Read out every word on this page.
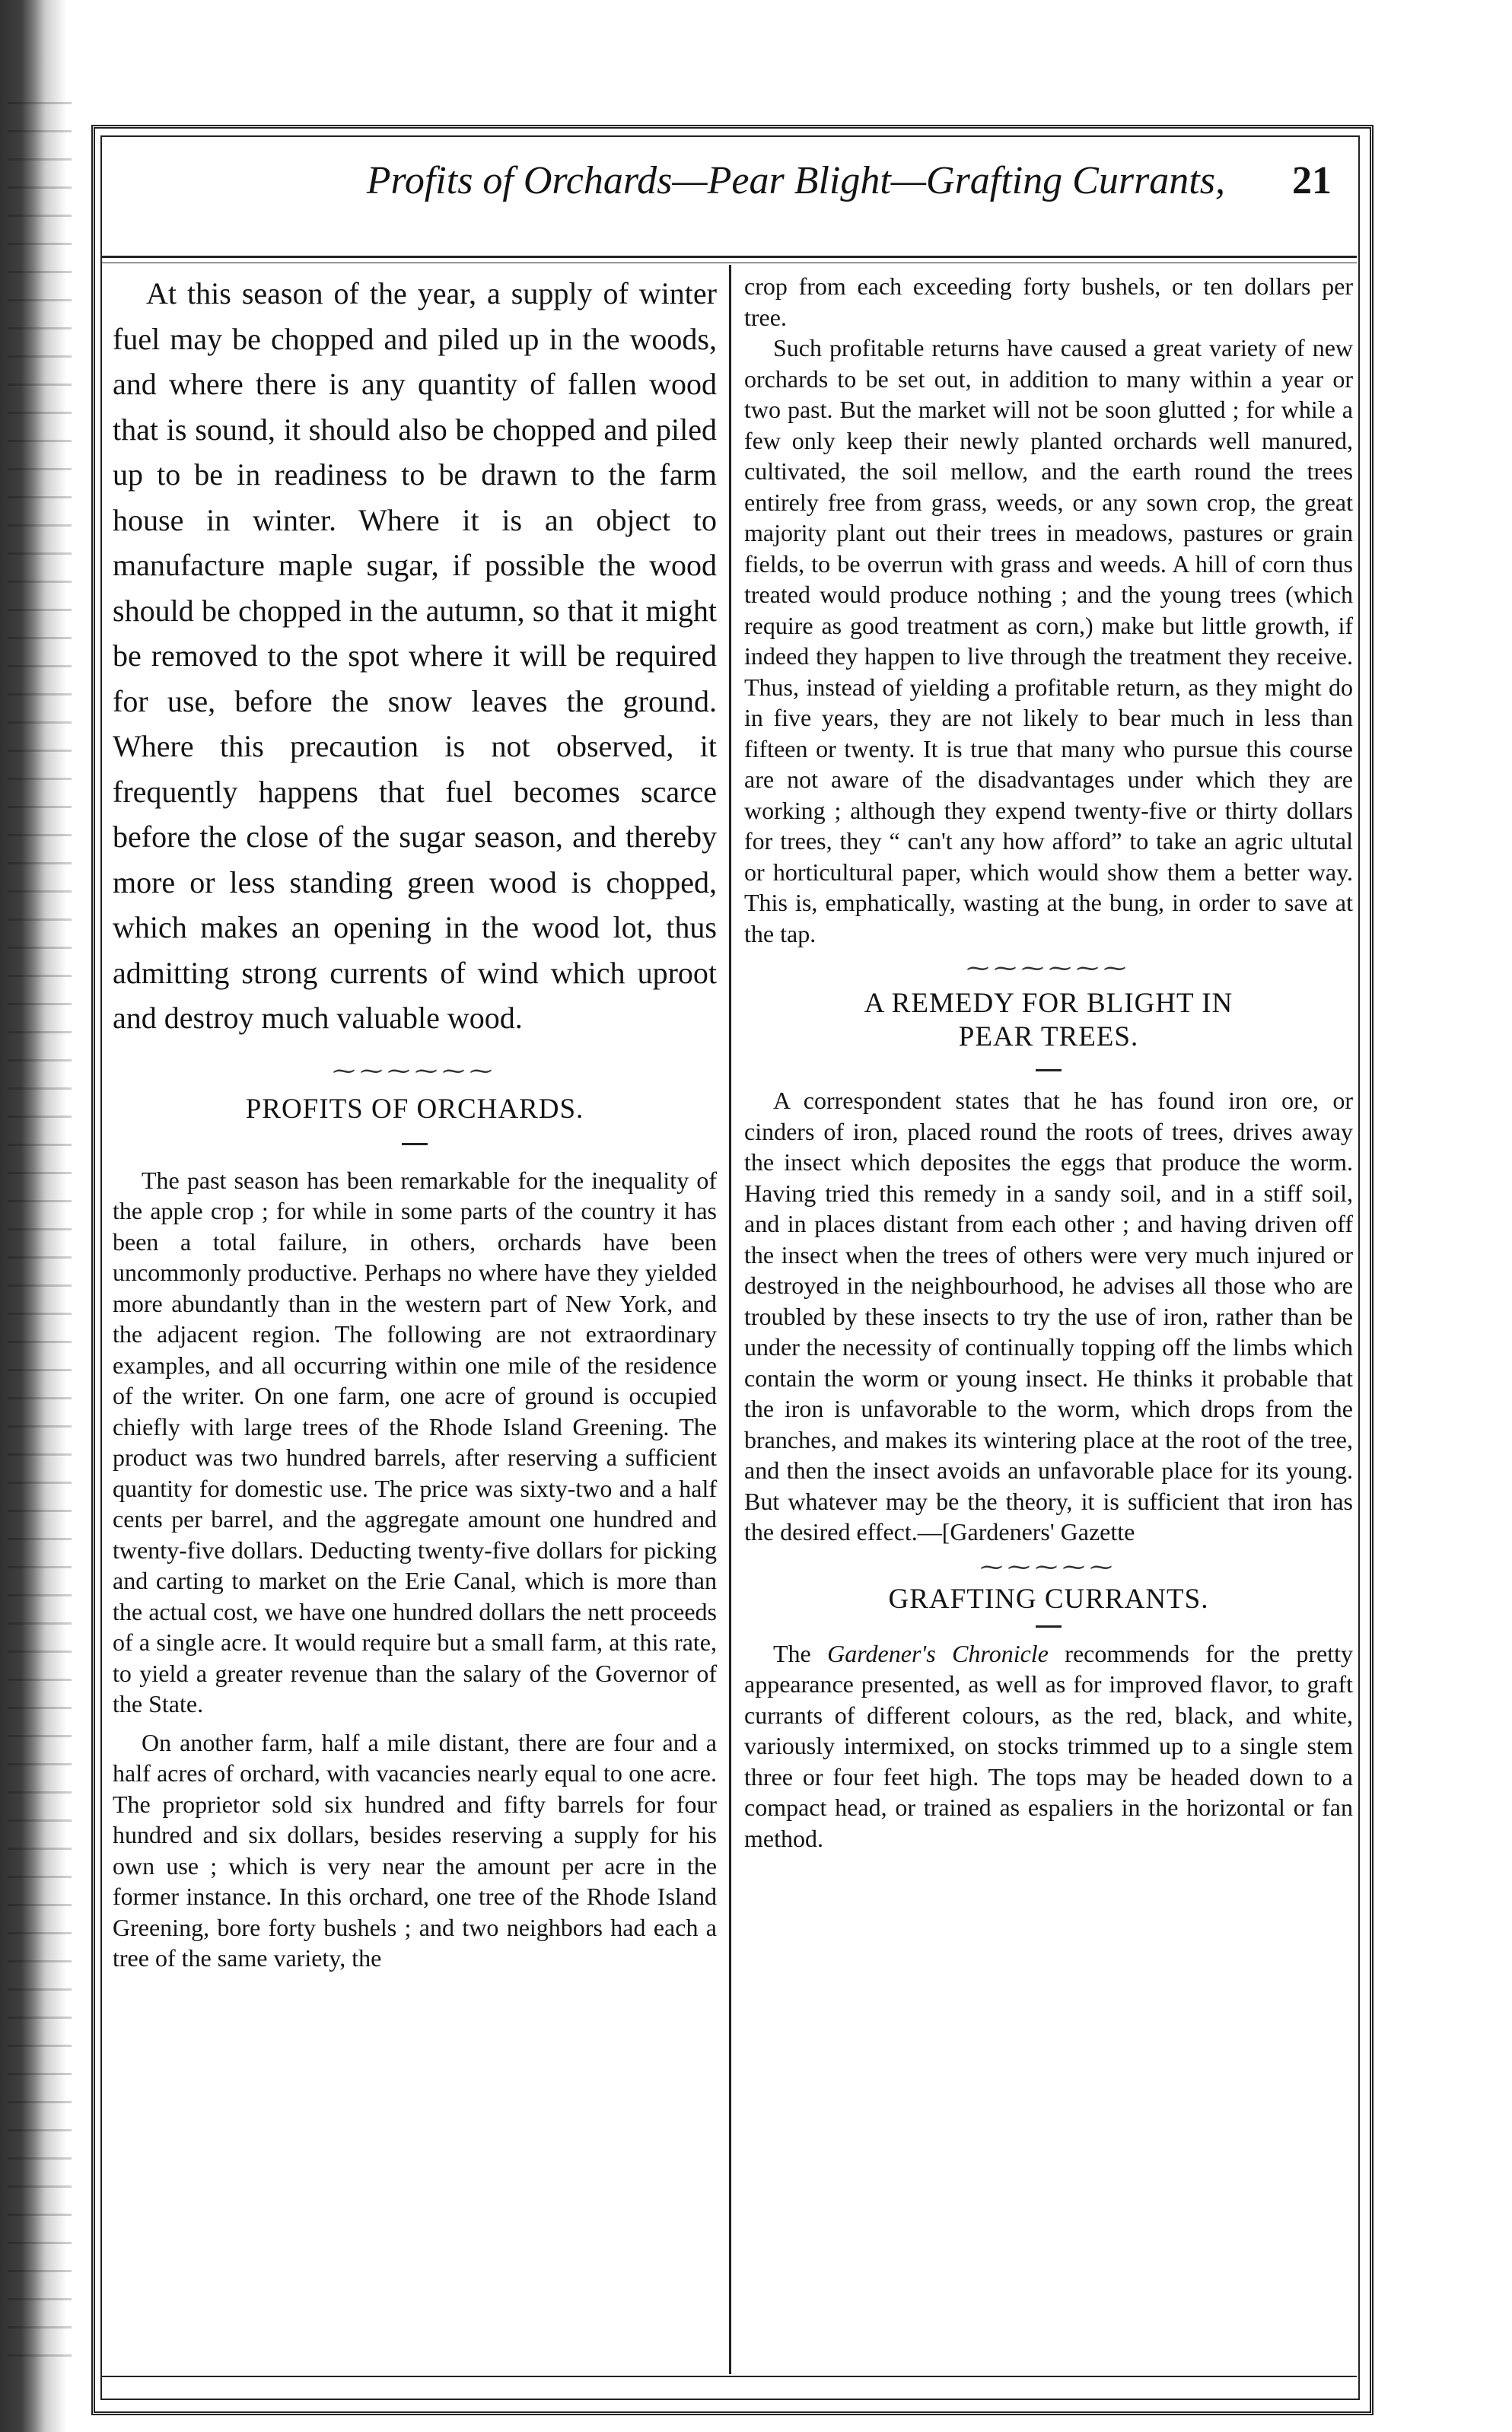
Profits of Orchards—Pear Blight—Grafting Currants, 21

At this season of the year, a supply of winter fuel may be chopped and piled up in the woods, and where there is any quantity of fallen wood that is sound, it should also be chopped and piled up to be in readiness to be drawn to the farm house in winter. Where it is an object to manufacture maple sugar, if possible the wood should be chopped in the autumn, so that it might be removed to the spot where it will be required for use, before the snow leaves the ground. Where this precaution is not observed, it frequently happens that fuel becomes scarce before the close of the sugar season, and thereby more or less standing green wood is chopped, which makes an opening in the wood lot, thus admitting strong currents of wind which uproot and destroy much valuable wood.

⁓⁓⁓⁓⁓⁓
PROFITS OF ORCHARDS.

The past season has been remarkable for the inequality of the apple crop ; for while in some parts of the country it has been a total failure, in others, orchards have been uncommonly productive. Perhaps no where have they yielded more abundantly than in the western part of New York, and the adjacent region. The following are not extraordinary examples, and all occurring within one mile of the residence of the writer. On one farm, one acre of ground is occupied chiefly with large trees of the Rhode Island Greening. The product was two hundred barrels, after reserving a sufficient quantity for domestic use. The price was sixty-two and a half cents per barrel, and the aggregate amount one hundred and twenty-five dollars. Deducting twenty-five dollars for picking and carting to market on the Erie Canal, which is more than the actual cost, we have one hundred dollars the nett proceeds of a single acre. It would require but a small farm, at this rate, to yield a greater revenue than the salary of the Governor of the State.

On another farm, half a mile distant, there are four and a half acres of orchard, with vacancies nearly equal to one acre. The proprietor sold six hundred and fifty barrels for four hundred and six dollars, besides reserving a supply for his own use ; which is very near the amount per acre in the former instance. In this orchard, one tree of the Rhode Island Greening, bore forty bushels ; and two neighbors had each a tree of the same variety, the

crop from each exceeding forty bushels, or ten dollars per tree.

Such profitable returns have caused a great variety of new orchards to be set out, in addition to many within a year or two past. But the market will not be soon glutted ; for while a few only keep their newly planted orchards well manured, cultivated, the soil mellow, and the earth round the trees entirely free from grass, weeds, or any sown crop, the great majority plant out their trees in meadows, pastures or grain fields, to be overrun with grass and weeds. A hill of corn thus treated would produce nothing ; and the young trees (which require as good treatment as corn,) make but little growth, if indeed they happen to live through the treatment they receive. Thus, instead of yielding a profitable return, as they might do in five years, they are not likely to bear much in less than fifteen or twenty. It is true that many who pursue this course are not aware of the disadvantages under which they are working ; although they expend twenty-five or thirty dollars for trees, they “ can't any how afford” to take an agric ultutal or horticultural paper, which would show them a better way. This is, emphatically, wasting at the bung, in order to save at the tap.

⁓⁓⁓⁓⁓⁓
A REMEDY FOR BLIGHT IN
PEAR TREES.

A correspondent states that he has found iron ore, or cinders of iron, placed round the roots of trees, drives away the insect which deposites the eggs that produce the worm. Having tried this remedy in a sandy soil, and in a stiff soil, and in places distant from each other ; and having driven off the insect when the trees of others were very much injured or destroyed in the neighbourhood, he advises all those who are troubled by these insects to try the use of iron, rather than be under the necessity of continually topping off the limbs which contain the worm or young insect. He thinks it probable that the iron is unfavorable to the worm, which drops from the branches, and makes its wintering place at the root of the tree, and then the insect avoids an unfavorable place for its young. But whatever may be the theory, it is sufficient that iron has the desired effect.—[Gardeners' Gazette

⁓⁓⁓⁓⁓
GRAFTING CURRANTS.

The Gardener's Chronicle recommends for the pretty appearance presented, as well as for improved flavor, to graft currants of different colours, as the red, black, and white, variously intermixed, on stocks trimmed up to a single stem three or four feet high. The tops may be headed down to a compact head, or trained as espaliers in the horizontal or fan method.
